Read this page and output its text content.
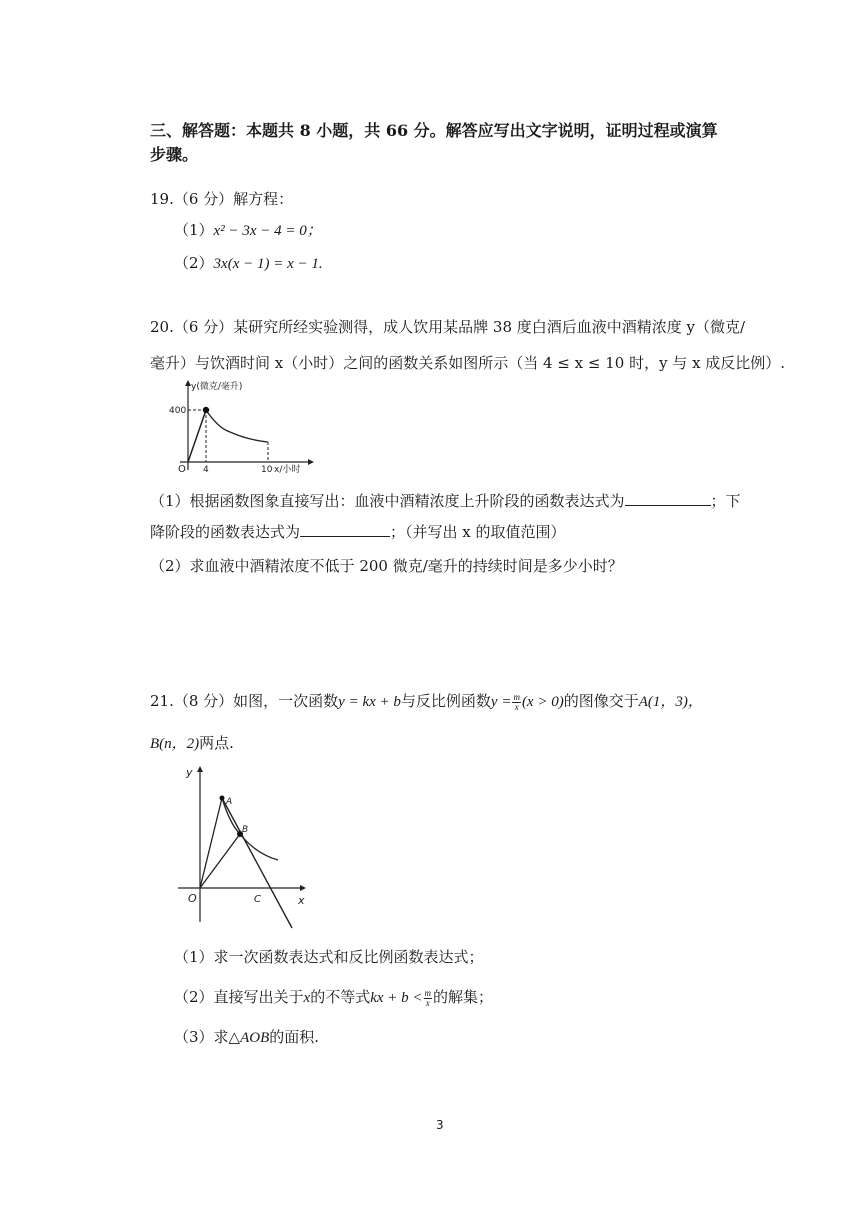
三、解答题：本题共 8 小题，共 66 分。解答应写出文字说明，证明过程或演算
步骤。
19.（6 分）解方程：
（1）x² − 3x − 4 = 0；
（2）3x(x − 1) = x − 1.
20.（6 分）某研究所经实验测得，成人饮用某品牌 38 度白酒后血液中酒精浓度 y（微克/
毫升）与饮酒时间 x（小时）之间的函数关系如图所示（当 4 ≤ x ≤ 10 时，y 与 x 成反比例）.
y(微克/毫升)
400
O 4	10 x/小时
（1）根据函数图象直接写出：血液中酒精浓度上升阶段的函数表达式为	；下
降阶段的函数表达式为	；（并写出 x 的取值范围）
（2）求血液中酒精浓度不低于 200 微克/毫升的持续时间是多少小时？
21.（8 分）如图，一次函数y = kx + b与反比例函数$y = \frac{m}{x} (x > 0)$的图像交于A(1，3)，
B(n，2)两点.
y
A
B
O	C	x
（1）求一次函数表达式和反比例函数表达式；
（2）直接写出关于x的不等式kx + $b < \frac{m}{x}$ 的解集；
（3）求△AOB的面积.
3
